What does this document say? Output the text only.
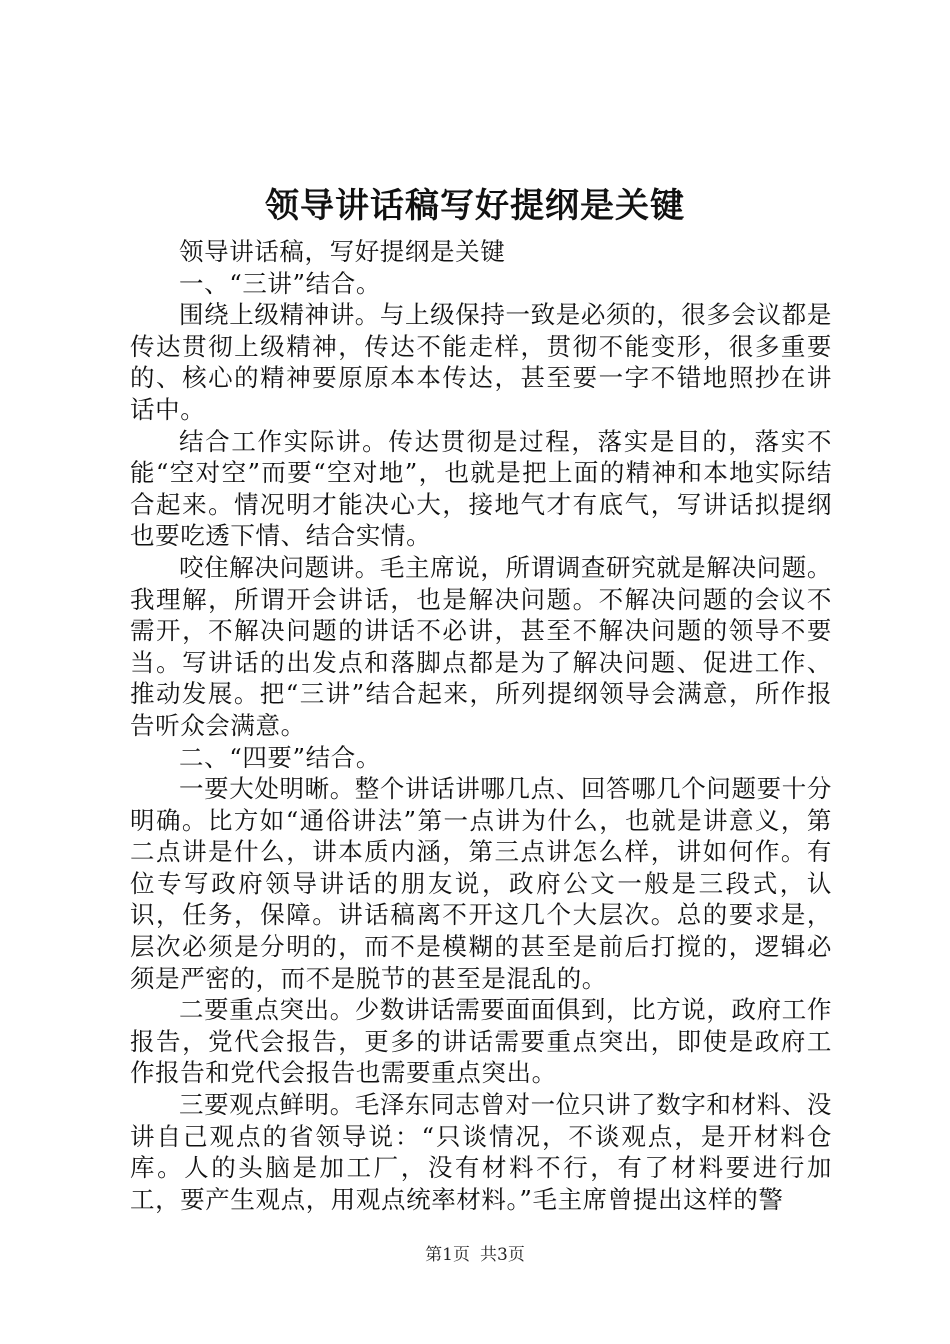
领导讲话稿写好提纲是关键

领导讲话稿，写好提纲是关键

一、“三讲”结合。

围绕上级精神讲。与上级保持一致是必须的，很多会议都是传达贯彻上级精神，传达不能走样，贯彻不能变形，很多重要的、核心的精神要原原本本传达，甚至要一字不错地照抄在讲话中。

结合工作实际讲。传达贯彻是过程，落实是目的，落实不能“空对空”而要“空对地”，也就是把上面的精神和本地实际结合起来。情况明才能决心大，接地气才有底气，写讲话拟提纲也要吃透下情、结合实情。

咬住解决问题讲。毛主席说，所谓调查研究就是解决问题。我理解，所谓开会讲话，也是解决问题。不解决问题的会议不需开，不解决问题的讲话不必讲，甚至不解决问题的领导不要当。写讲话的出发点和落脚点都是为了解决问题、促进工作、推动发展。把“三讲”结合起来，所列提纲领导会满意，所作报告听众会满意。

二、“四要”结合。

一要大处明晰。整个讲话讲哪几点、回答哪几个问题要十分明确。比方如“通俗讲法”第一点讲为什么，也就是讲意义，第二点讲是什么，讲本质内涵，第三点讲怎么样，讲如何作。有位专写政府领导讲话的朋友说，政府公文一般是三段式，认识，任务，保障。讲话稿离不开这几个大层次。总的要求是，层次必须是分明的，而不是模糊的甚至是前后打搅的，逻辑必须是严密的，而不是脱节的甚至是混乱的。

二要重点突出。少数讲话需要面面俱到，比方说，政府工作报告，党代会报告，更多的讲话需要重点突出，即使是政府工作报告和党代会报告也需要重点突出。

三要观点鲜明。毛泽东同志曾对一位只讲了数字和材料、没讲自己观点的省领导说：“只谈情况，不谈观点，是开材料仓库。人的头脑是加工厂，没有材料不行，有了材料要进行加工，要产生观点，用观点统率材料。”毛主席曾提出这样的警

第1页 共3页
